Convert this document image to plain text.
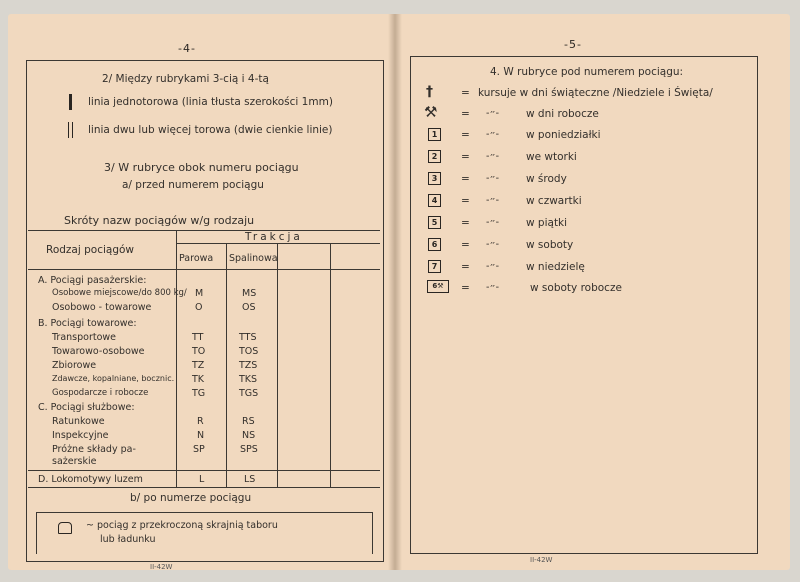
-4-
2/ Między rubrykami 3-cią i 4-tą
linia jednotorowa (linia tłusta szerokości 1mm)
linia dwu lub więcej torowa (dwie cienkie linie)
3/ W rubryce obok numeru pociągu
a/ przed numerem pociągu
Skróty nazw pociągów w/g rodzaju
Rodzaj pociągów
Trakcja
Parowa Spalinowa
A. Pociągi pasażerskie:
Osobowe miejscowe/do 800 kg/ M	MS
Osobowo - towarowe	O	OS
B. Pociągi towarowe:
Transportowe	TT	TTS
Towarowo-osobowe	TO	TOS
Zbiorowe	TZ	TZS
Zdawcze, kopalniane, bocznic. TK	TKS
Gospodarcze i robocze	TG	TGS
C. Pociągi służbowe:
Ratunkowe	R	RS
Inspekcyjne	N	NS
Próżne składy pa-	SP	SPS
sażerskie
D. Lokomotywy luzem	L	LS
b/ po numerze pociągu
~ pociąg z przekroczoną skrajnią taboru
lub ładunku
II-42W
-5-
4. W rubryce pod numerem pociągu:
†	= kursuje w dni świąteczne /Niedziele i Święta/
⚒ = -״-	w dni robocze
1	= -״-	w poniedziałki
2	= -״-	we wtorki
3	= -״-	w środy
4	= -״-	w czwartki
5	= -״-	w piątki
6	= -״-	w soboty
7	= -״-	w niedzielę
6⚒	= -״-	w soboty robocze
II-42W
